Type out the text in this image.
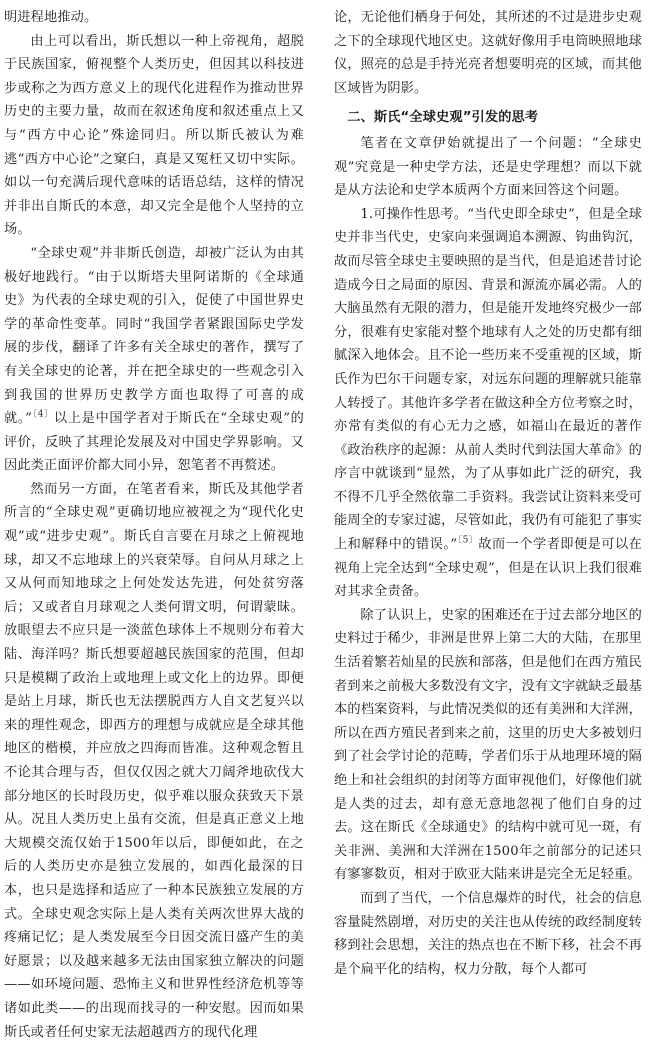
明进程地推动。

由上可以看出，斯氏想以一种上帝视角，超脱于民族国家，俯视整个人类历史，但因其以科技进步或称之为西方意义上的现代化进程作为推动世界历史的主要力量，故而在叙述角度和叙述重点上又与“西方中心论”殊途同归。所以斯氏被认为难逃“西方中心论”之窠臼，真是又冤枉又切中实际。如以一句充满后现代意味的话语总结，这样的情况并非出自斯氏的本意，却又完全是他个人坚持的立场。

“全球史观”并非斯氏创造，却被广泛认为由其极好地践行。“由于以斯塔夫里阿诺斯的《全球通史》为代表的全球史观的引入，促使了中国世界史学的革命性变革。同时“我国学者紧跟国际史学发展的步伐，翻译了许多有关全球史的著作，撰写了有关全球史的论著，并在把全球史的一些观念引入到我国的世界历史教学方面也取得了可喜的成就。”$^{〔4〕}$以上是中国学者对于斯氏在“全球史观”的评价，反映了其理论发展及对中国史学界影响。又因此类正面评价都大同小异，恕笔者不再赘述。

然而另一方面，在笔者看来，斯氏及其他学者所言的“全球史观”更确切地应被视之为“现代化史观”或“进步史观”。斯氏自言要在月球之上俯视地球，却又不忘地球上的兴衰荣辱。自问从月球之上又从何而知地球之上何处发达先进，何处贫穷落后；又或者自月球观之人类何谓文明，何谓蒙昧。放眼望去不应只是一淡蓝色球体上不规则分布着大陆、海洋吗？斯氏想要超越民族国家的范围，但却只是模糊了政治上或地理上或文化上的边界。即便是站上月球，斯氏也无法摆脱西方人自文艺复兴以来的理性观念，即西方的理想与成就应是全球其他地区的楷模，并应放之四海而皆准。这种观念暂且不论其合理与否，但仅仅因之就大刀阔斧地砍伐大部分地区的长时段历史，似乎难以服众获致天下景从。况且人类历史上虽有交流，但是真正意义上地大规模交流仅始于1500年以后，即便如此，在之后的人类历史亦是独立发展的，如西化最深的日本，也只是选择和适应了一种本民族独立发展的方式。全球史观念实际上是人类有关两次世界大战的疼痛记忆；是人类发展至今日因交流日盛产生的美好愿景；以及越来越多无法由国家独立解决的问题——如环境问题、恐怖主义和世界性经济危机等等诸如此类——的出现而找寻的一种安慰。因而如果斯氏或者任何史家无法超越西方的现代化理

论，无论他们栖身于何处，其所述的不过是进步史观之下的全球现代地区史。这就好像用手电筒映照地球仪，照亮的总是手持光亮者想要明亮的区域，而其他区域皆为阴影。

二、斯氏“全球史观”引发的思考

笔者在文章伊始就提出了一个问题：“全球史观”究竟是一种史学方法，还是史学理想？而以下就是从方法论和史学本质两个方面来回答这个问题。

1.可操作性思考。“当代史即全球史”，但是全球史并非当代史，史家向来强调追本溯源、钩曲钩沉，故而尽管全球史主要映照的是当代，但是追述昔讨论造成今日之局面的原因、背景和源流亦属必需。人的大脑虽然有无限的潜力，但是能开发地终究极少一部分，很难有史家能对整个地球有人之处的历史都有细腻深入地体会。且不论一些历来不受重视的区域，斯氏作为巴尔干问题专家，对远东问题的理解就只能靠人转授了。其他许多学者在做这种全方位考察之时，亦常有类似的有心无力之感，如福山在最近的著作《政治秩序的起源：从前人类时代到法国大革命》的序言中就谈到“显然，为了从事如此广泛的研究，我不得不几乎全然依靠二手资料。我尝试让资料来受可能周全的专家过滤，尽管如此，我仍有可能犯了事实上和解释中的错误。”$^{〔5〕}$故而一个学者即便是可以在视角上完全达到“全球史观”，但是在认识上我们很难对其求全责备。

除了认识上，史家的困难还在于过去部分地区的史料过于稀少，非洲是世界上第二大的大陆，在那里生活着繁若灿星的民族和部落，但是他们在西方殖民者到来之前极大多数没有文字，没有文字就缺乏最基本的档案资料，与此情况类似的还有美洲和大洋洲，所以在西方殖民者到来之前，这里的历史大多被划归到了社会学讨论的范畴，学者们乐于从地理环境的隔绝上和社会组织的封闭等方面审视他们，好像他们就是人类的过去，却有意无意地忽视了他们自身的过去。这在斯氏《全球通史》的结构中就可见一斑，有关非洲、美洲和大洋洲在1500年之前部分的记述只有寥寥数页，相对于欧亚大陆来讲是完全无足轻重。

而到了当代，一个信息爆炸的时代，社会的信息容量陡然剧增，对历史的关注也从传统的政经制度转移到社会思想，关注的热点也在不断下移，社会不再是个扁平化的结构，权力分散，每个人都可
